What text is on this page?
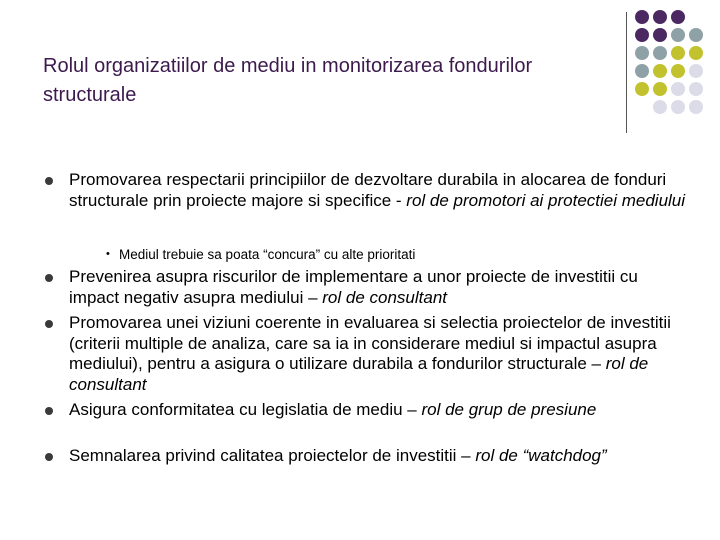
Rolul organizatiilor de mediu in monitorizarea fondurilor structurale
Promovarea respectarii principiilor de dezvoltare durabila in alocarea de fonduri structurale prin proiecte majore si specifice - rol de promotori ai protectiei mediului
• Mediul trebuie sa poata “concura” cu alte prioritati
Prevenirea asupra riscurilor de implementare a unor proiecte de investitii cu impact negativ asupra mediului – rol de consultant
Promovarea unei viziuni coerente in evaluarea si selectia proiectelor de investitii (criterii multiple de analiza, care sa ia in considerare mediul si impactul asupra mediului), pentru a asigura o utilizare durabila a fondurilor structurale – rol de consultant
Asigura conformitatea cu legislatia de mediu – rol de grup de presiune
Semnalarea privind calitatea proiectelor de investitii – rol de “watchdog”
